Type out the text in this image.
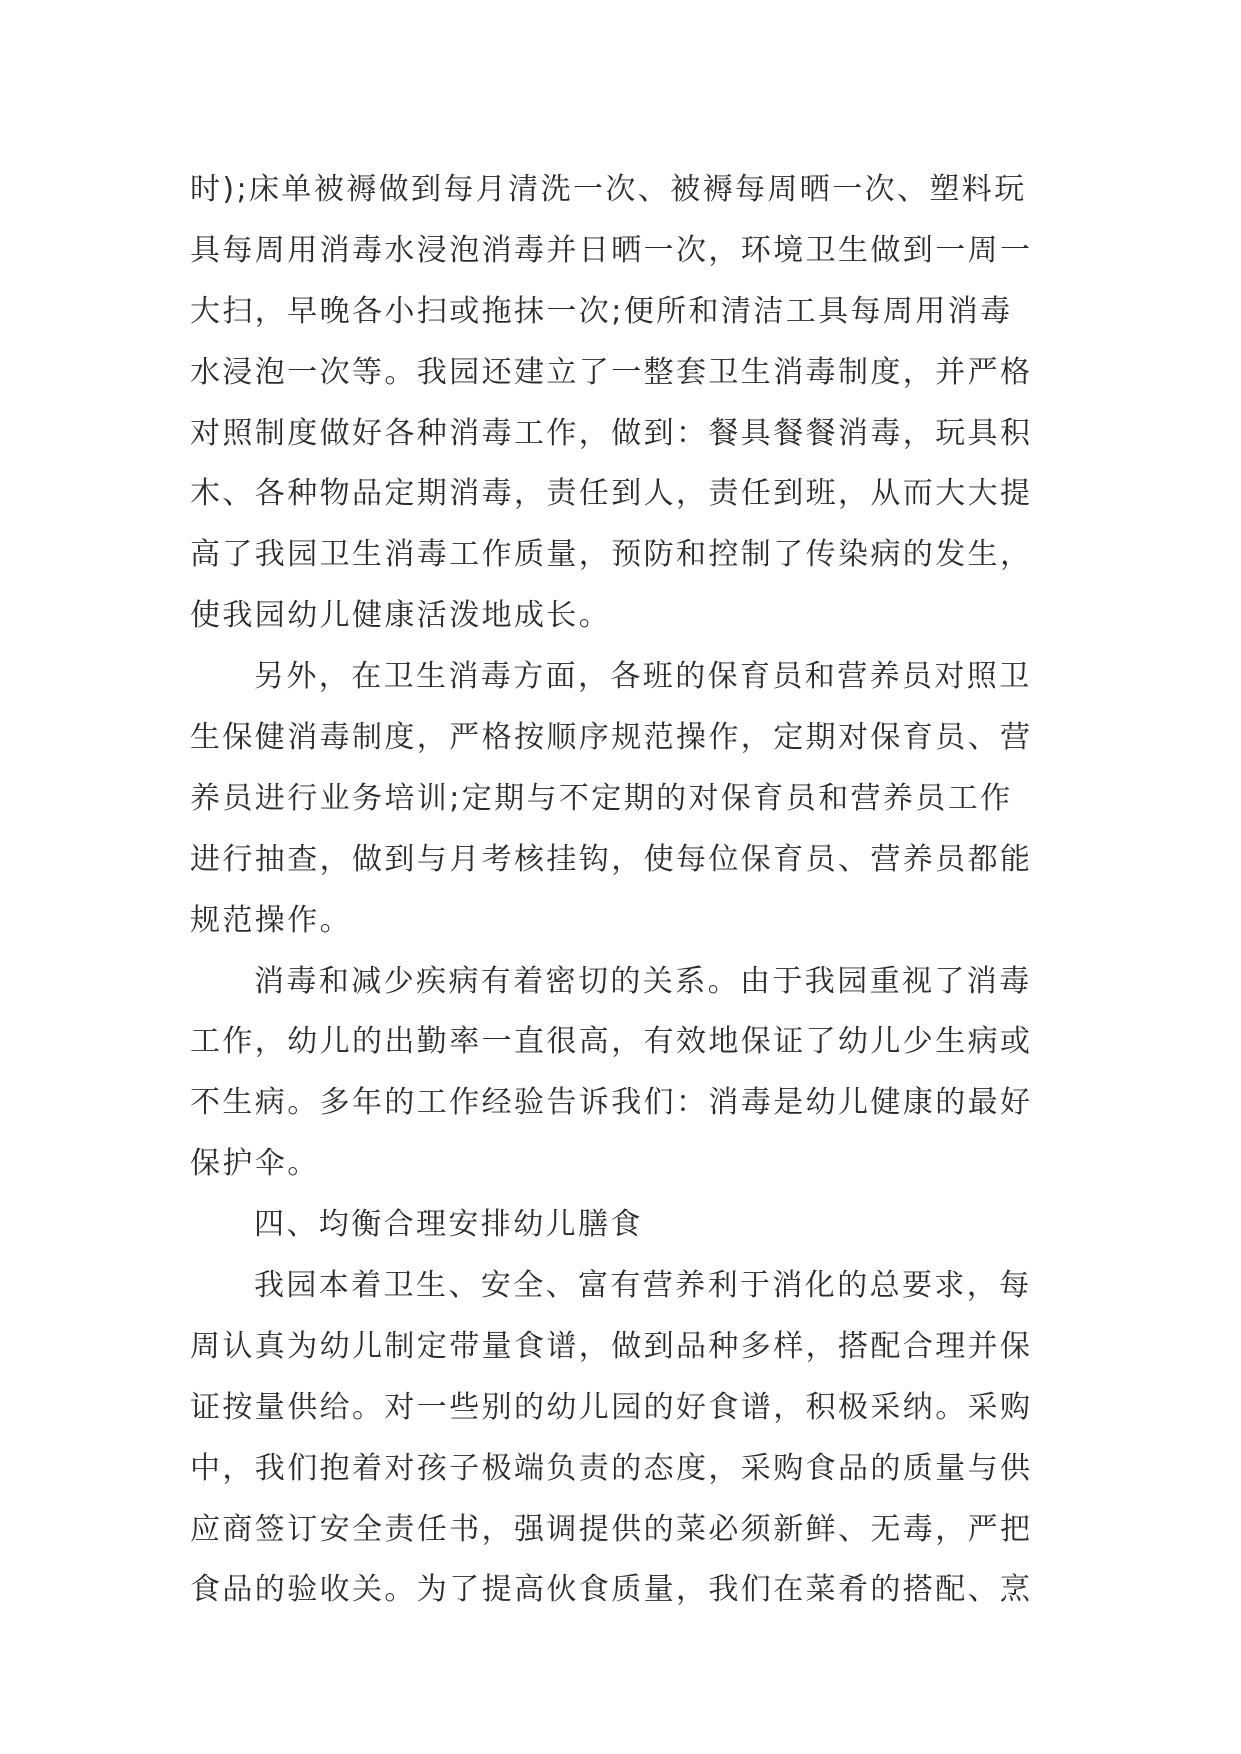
时);床单被褥做到每月清洗一次、被褥每周晒一次、塑料玩
具每周用消毒水浸泡消毒并日晒一次，环境卫生做到一周一
大扫，早晚各小扫或拖抹一次;便所和清洁工具每周用消毒
水浸泡一次等。我园还建立了一整套卫生消毒制度，并严格
对照制度做好各种消毒工作，做到：餐具餐餐消毒，玩具积
木、各种物品定期消毒，责任到人，责任到班，从而大大提
高了我园卫生消毒工作质量，预防和控制了传染病的发生，
使我园幼儿健康活泼地成长。
另外，在卫生消毒方面，各班的保育员和营养员对照卫
生保健消毒制度，严格按顺序规范操作，定期对保育员、营
养员进行业务培训;定期与不定期的对保育员和营养员工作
进行抽查，做到与月考核挂钩，使每位保育员、营养员都能
规范操作。
消毒和减少疾病有着密切的关系。由于我园重视了消毒
工作，幼儿的出勤率一直很高，有效地保证了幼儿少生病或
不生病。多年的工作经验告诉我们：消毒是幼儿健康的最好
保护伞。
四、均衡合理安排幼儿膳食
我园本着卫生、安全、富有营养利于消化的总要求，每
周认真为幼儿制定带量食谱，做到品种多样，搭配合理并保
证按量供给。对一些别的幼儿园的好食谱，积极采纳。采购
中，我们抱着对孩子极端负责的态度，采购食品的质量与供
应商签订安全责任书，强调提供的菜必须新鲜、无毒，严把
食品的验收关。为了提高伙食质量，我们在菜肴的搭配、烹
